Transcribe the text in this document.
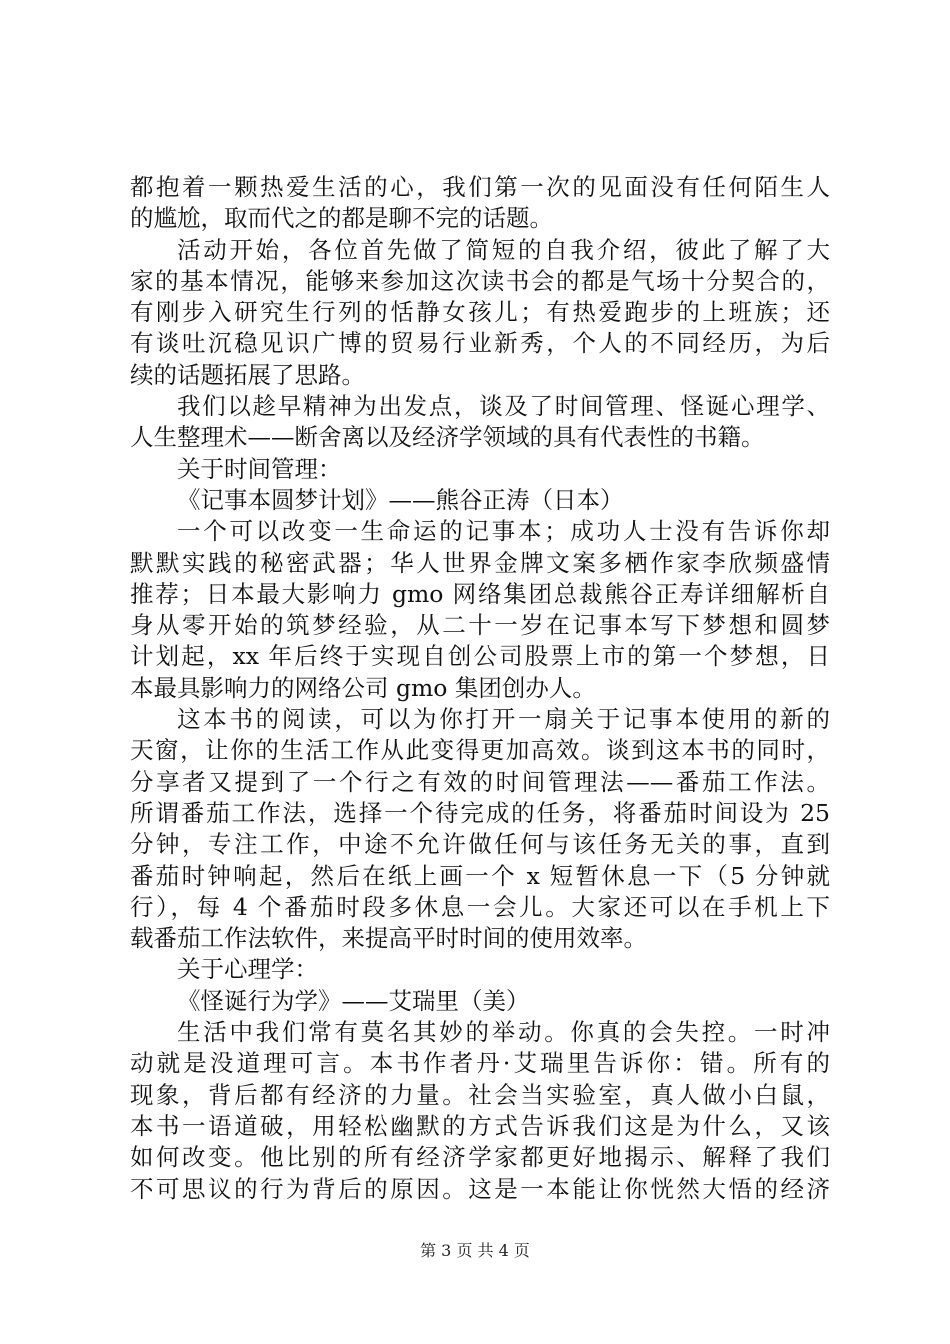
都抱着一颗热爱生活的心，我们第一次的见面没有任何陌生人
的尴尬，取而代之的都是聊不完的话题。
活动开始，各位首先做了简短的自我介绍，彼此了解了大
家的基本情况，能够来参加这次读书会的都是气场十分契合的，
有刚步入研究生行列的恬静女孩儿；有热爱跑步的上班族；还
有谈吐沉稳见识广博的贸易行业新秀，个人的不同经历，为后
续的话题拓展了思路。
我们以趁早精神为出发点，谈及了时间管理、怪诞心理学、
人生整理术——断舍离以及经济学领域的具有代表性的书籍。
关于时间管理：
《记事本圆梦计划》——熊谷正涛（日本）
一个可以改变一生命运的记事本；成功人士没有告诉你却
默默实践的秘密武器；华人世界金牌文案多栖作家李欣频盛情
推荐；日本最大影响力 gmo 网络集团总裁熊谷正寿详细解析自
身从零开始的筑梦经验，从二十一岁在记事本写下梦想和圆梦
计划起，xx 年后终于实现自创公司股票上市的第一个梦想，日
本最具影响力的网络公司 gmo 集团创办人。
这本书的阅读，可以为你打开一扇关于记事本使用的新的
天窗，让你的生活工作从此变得更加高效。谈到这本书的同时，
分享者又提到了一个行之有效的时间管理法——番茄工作法。
所谓番茄工作法，选择一个待完成的任务，将番茄时间设为 25
分钟，专注工作，中途不允许做任何与该任务无关的事，直到
番茄时钟响起，然后在纸上画一个 x 短暂休息一下（5 分钟就
行），每 4 个番茄时段多休息一会儿。大家还可以在手机上下
载番茄工作法软件，来提高平时时间的使用效率。
关于心理学：
《怪诞行为学》——艾瑞里（美）
生活中我们常有莫名其妙的举动。你真的会失控。一时冲
动就是没道理可言。本书作者丹·艾瑞里告诉你：错。所有的
现象，背后都有经济的力量。社会当实验室，真人做小白鼠，
本书一语道破，用轻松幽默的方式告诉我们这是为什么，又该
如何改变。他比别的所有经济学家都更好地揭示、解释了我们
不可思议的行为背后的原因。这是一本能让你恍然大悟的经济
第 3 页 共 4 页
